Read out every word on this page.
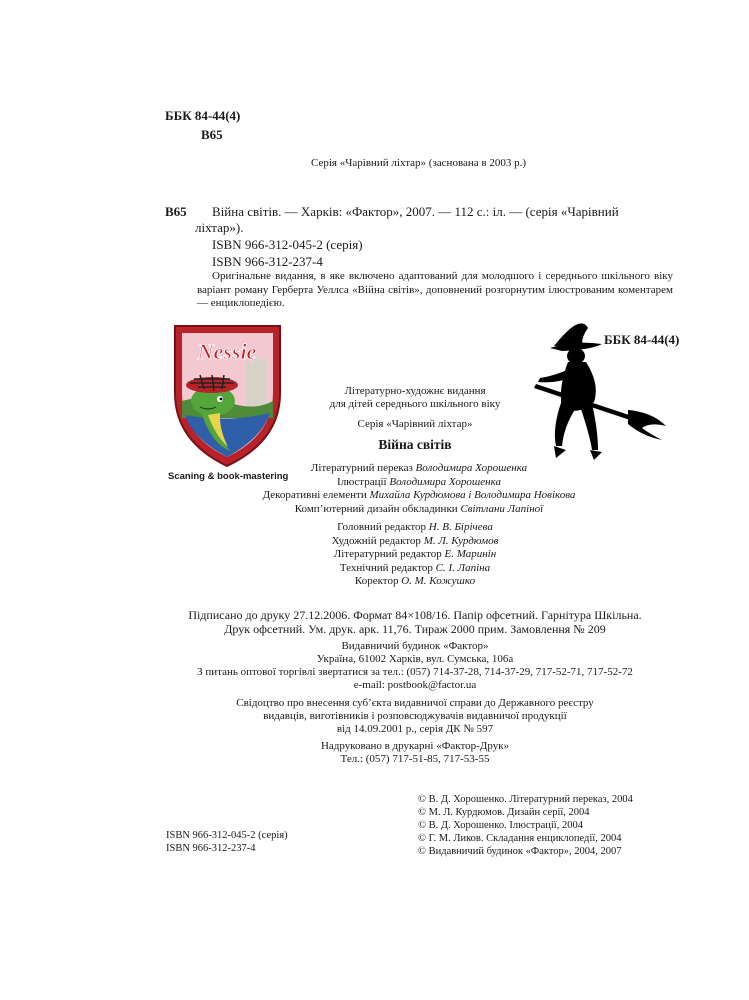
ББК 84-44(4)
В65
Серія «Чарівний ліхтар» (заснована в 2003 р.)
В65 Війна світів. — Харків: «Фактор», 2007. — 112 с.: іл. — (серія «Чарівний
ліхтар»).
ISBN 966-312-045-2 (серія)
ISBN 966-312-237-4
Оригінальне видання, в яке включено адаптований для молодшого і середнього шкільного віку варіант роману Герберта Уеллса «Війна світів», доповнений розгорнутим ілюстрованим коментарем — енциклопедією.
Nessie
Scaning & book-mastering
ББК 84-44(4)
Літературно-художнє видання
для дітей середнього шкільного віку
Серія «Чарівний ліхтар»
Війна світів
Літературний переказ Володимира Хорошенка
Ілюстрації Володимира Хорошенка
Декоративні елементи Михайла Курдюмова і Володимира Новікова
Комп’ютерний дизайн обкладинки Світлани Лапіної
Головний редактор Н. В. Бірічева
Художній редактор М. Л. Курдюмов
Літературний редактор Е. Маринін
Технічний редактор С. І. Лапіна
Коректор О. М. Кожушко
Підписано до друку 27.12.2006. Формат 84×108/16. Папір офсетний. Гарнітура Шкільна.
Друк офсетний. Ум. друк. арк. 11,76. Тираж 2000 прим. Замовлення № 209
Видавничий будинок «Фактор»
Україна, 61002 Харків, вул. Сумська, 106а
З питань оптової торгівлі звертатися за тел.: (057) 714-37-28, 714-37-29, 717-52-71, 717-52-72
e-mail: postbook@factor.ua
Свідоцтво про внесення суб’єкта видавничої справи до Державного реєстру
видавців, виготівників і розповсюджувачів видавничої продукції
від 14.09.2001 р., серія ДК № 597
Надруковано в друкарні «Фактор-Друк»
Тел.: (057) 717-51-85, 717-53-55
ISBN 966-312-045-2 (серія)
ISBN 966-312-237-4
© В. Д. Хорошенко. Літературний переказ, 2004
© М. Л. Курдюмов. Дизайн серії, 2004
© В. Д. Хорошенко. Ілюстрації, 2004
© Г. М. Ликов. Складання енциклопедії, 2004
© Видавничий будинок «Фактор», 2004, 2007
